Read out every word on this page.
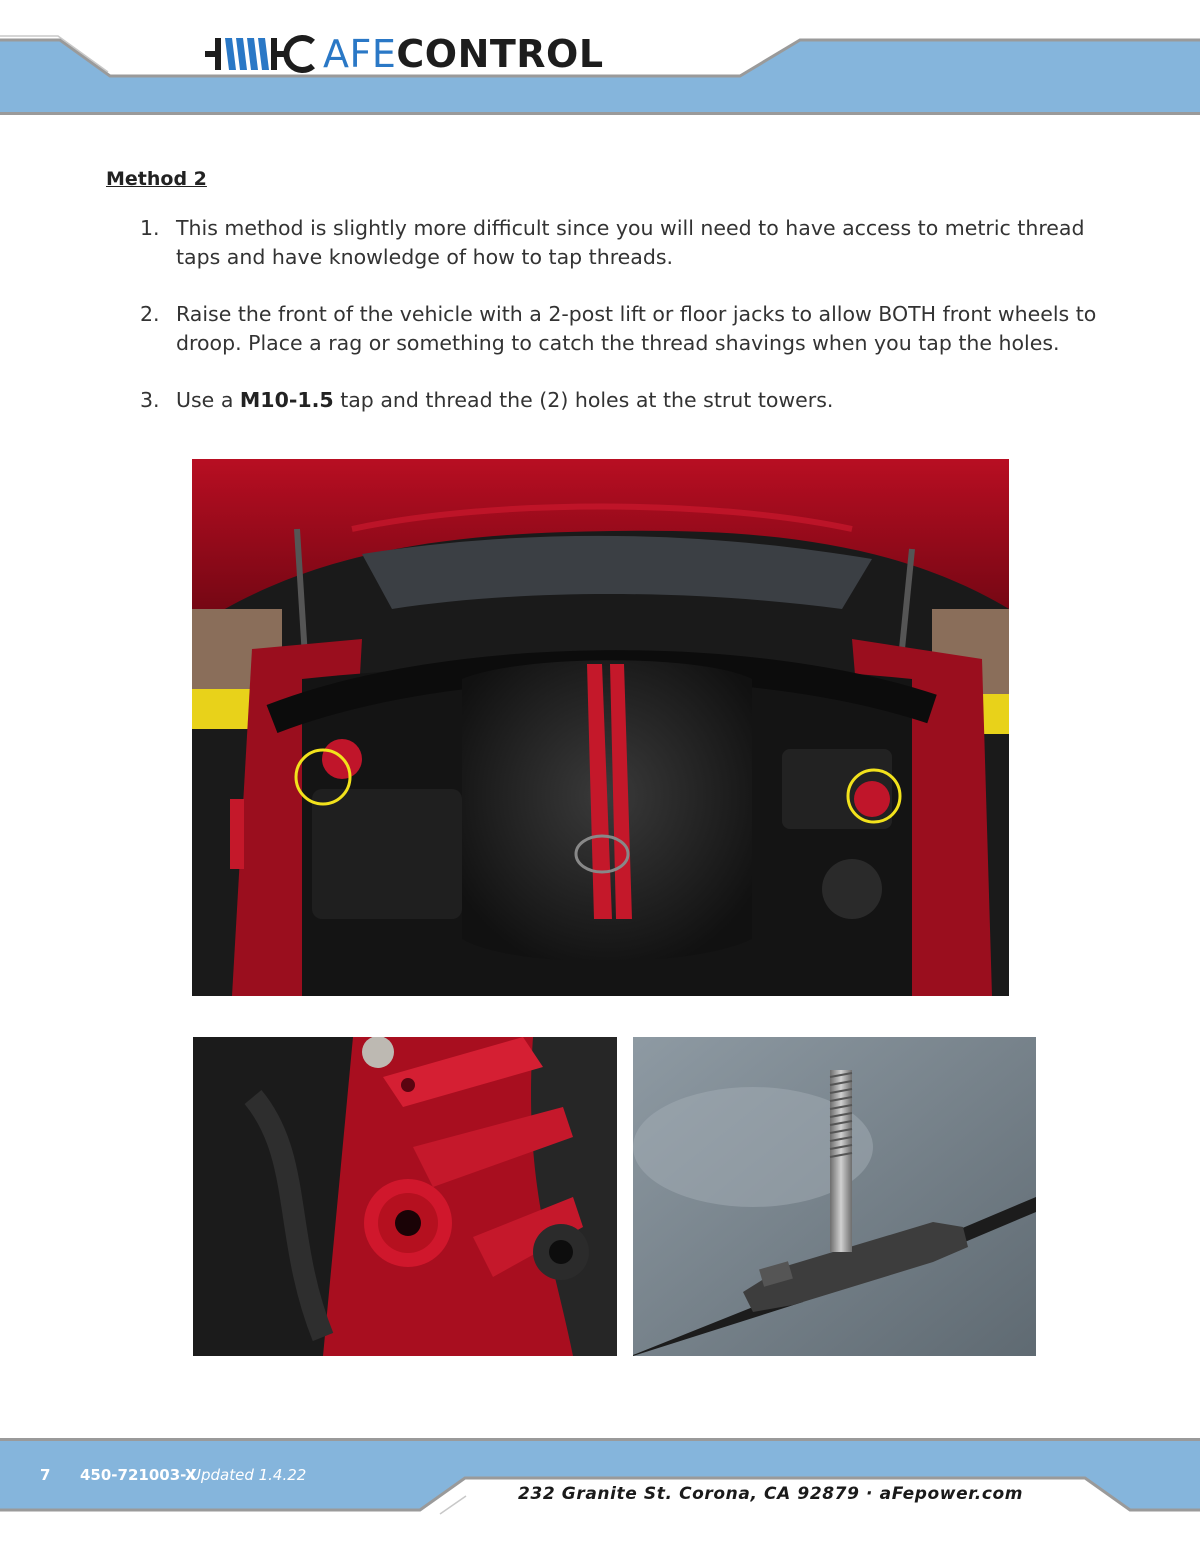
AFECONTROL
Method 2
1. This method is slightly more difficult since you will need to have access to metric thread taps and have knowledge of how to tap threads.
2. Raise the front of the vehicle with a 2-post lift or floor jacks to allow BOTH front wheels to droop. Place a rag or something to catch the thread shavings when you tap the holes.
3. Use a M10-1.5 tap and thread the (2) holes at the strut towers.
7 450-721003-X
Updated 1.4.22
232 Granite St. Corona, CA 92879 · aFepower.com
